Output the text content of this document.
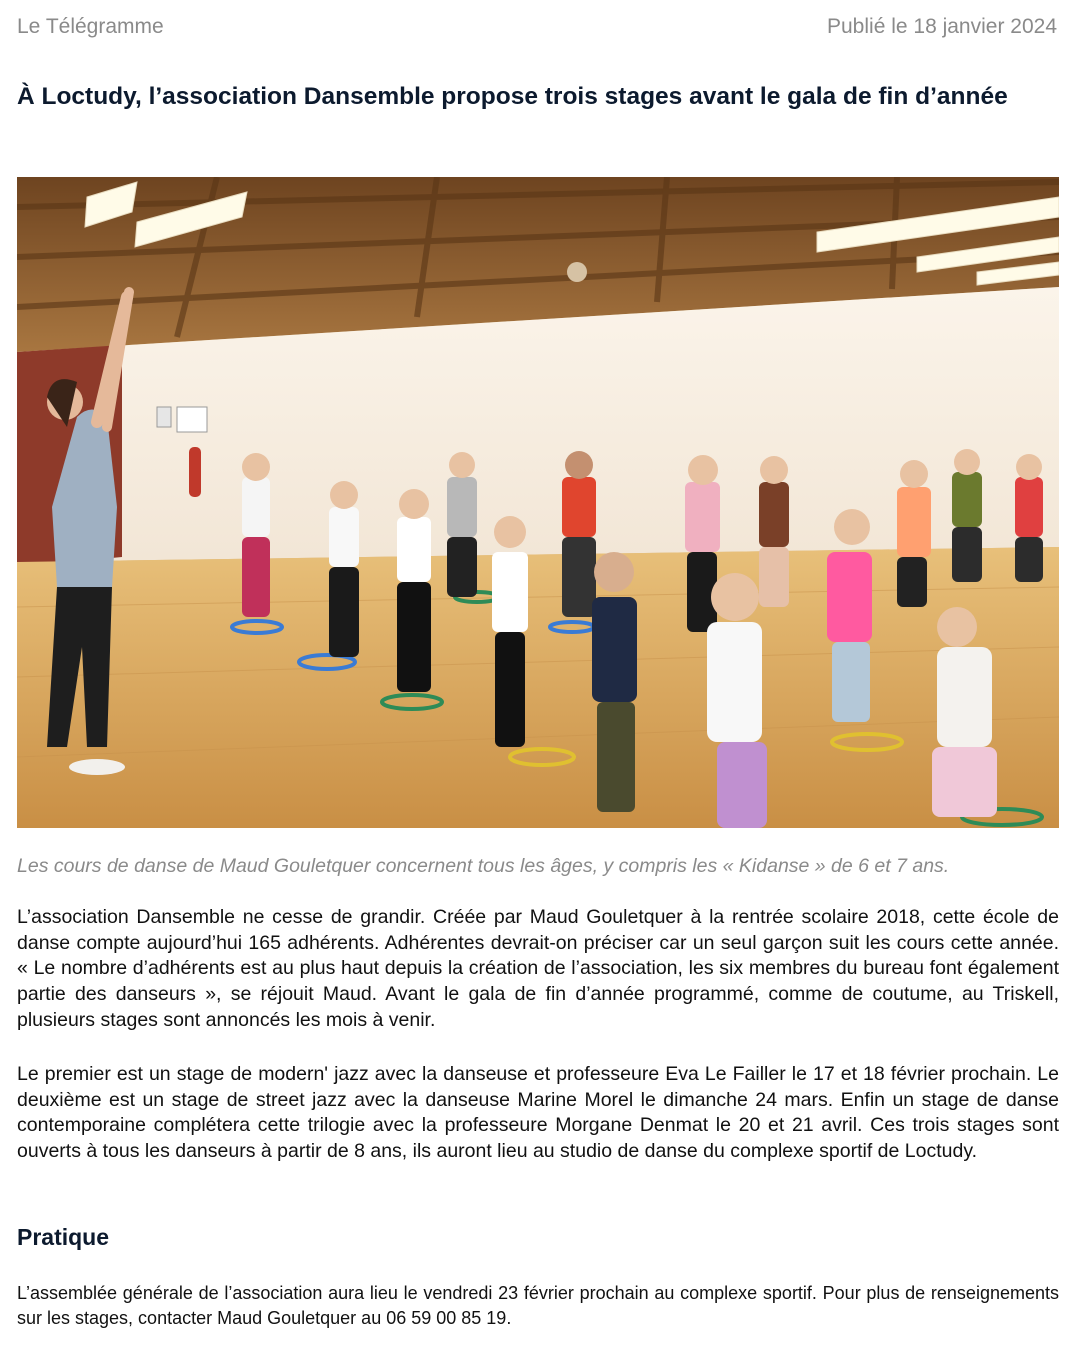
Le Télégramme	Publié le 18 janvier 2024
À Loctudy, l’association Dansemble propose trois stages avant le gala de fin d’année

Les cours de danse de Maud Gouletquer concernent tous les âges, y compris les « Kidanse » de 6 et 7 ans.

L’association Dansemble ne cesse de grandir. Créée par Maud Gouletquer à la rentrée scolaire 2018, cette école de danse compte aujourd’hui 165 adhérents. Adhérentes devrait-on préciser car un seul garçon suit les cours cette année. « Le nombre d’adhérents est au plus haut depuis la création de l’association, les six membres du bureau font également partie des danseurs », se réjouit Maud. Avant le gala de fin d’année programmé, comme de coutume, au Triskell, plusieurs stages sont annoncés les mois à venir.

Le premier est un stage de modern' jazz avec la danseuse et professeure Eva Le Failler le 17 et 18 février prochain. Le deuxième est un stage de street jazz avec la danseuse Marine Morel le dimanche 24 mars. Enfin un stage de danse contemporaine complétera cette trilogie avec la professeure Morgane Denmat le 20 et 21 avril. Ces trois stages sont ouverts à tous les danseurs à partir de 8 ans, ils auront lieu au studio de danse du complexe sportif de Loctudy.

Pratique

L’assemblée générale de l’association aura lieu le vendredi 23 février prochain au complexe sportif. Pour plus de renseignements sur les stages, contacter Maud Gouletquer au 06 59 00 85 19.
